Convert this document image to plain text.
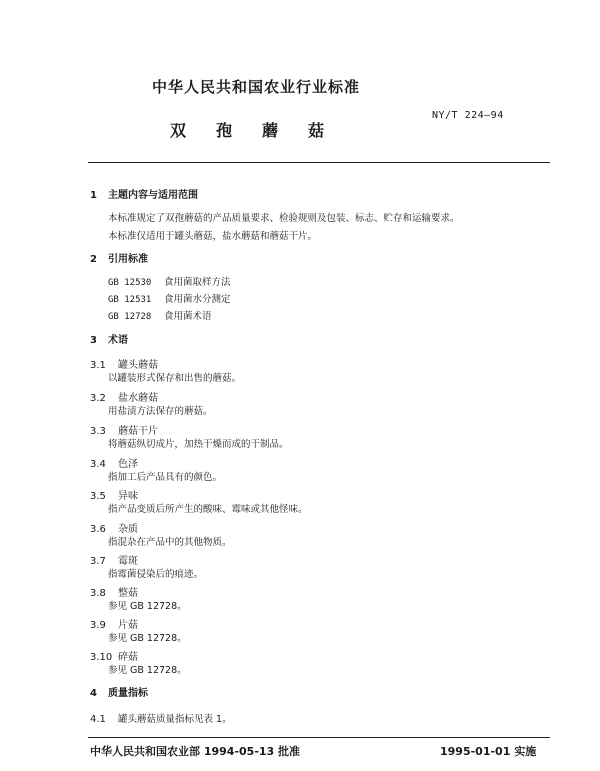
中华人民共和国农业行业标准
双孢蘑菇
NY/T 224—94
1 主题内容与适用范围
本标准规定了双孢蘑菇的产品质量要求、检验规则及包装、标志、贮存和运输要求。
本标准仅适用于罐头蘑菇，盐水蘑菇和蘑菇干片。
2 引用标准
GB 12530 食用菌取样方法
GB 12531 食用菌水分测定
GB 12728 食用菌术语
3 术语
3.1 罐头蘑菇
以罐装形式保存和出售的蘑菇。
3.2 盐水蘑菇
用盐渍方法保存的蘑菇。
3.3 蘑菇干片
将蘑菇纵切成片，加热干燥而成的干制品。
3.4 色泽
指加工后产品具有的颜色。
3.5 异味
指产品变质后所产生的酸味、霉味或其他怪味。
3.6 杂质
指混杂在产品中的其他物质。
3.7 霉斑
指霉菌侵染后的痕迹。
3.8 整菇
参见 GB 12728。
3.9 片菇
参见 GB 12728。
3.10 碎菇
参见 GB 12728。
4 质量指标
4.1 罐头蘑菇质量指标见表 1。
中华人民共和国农业部 1994-05-13 批准	1995-01-01 实施
